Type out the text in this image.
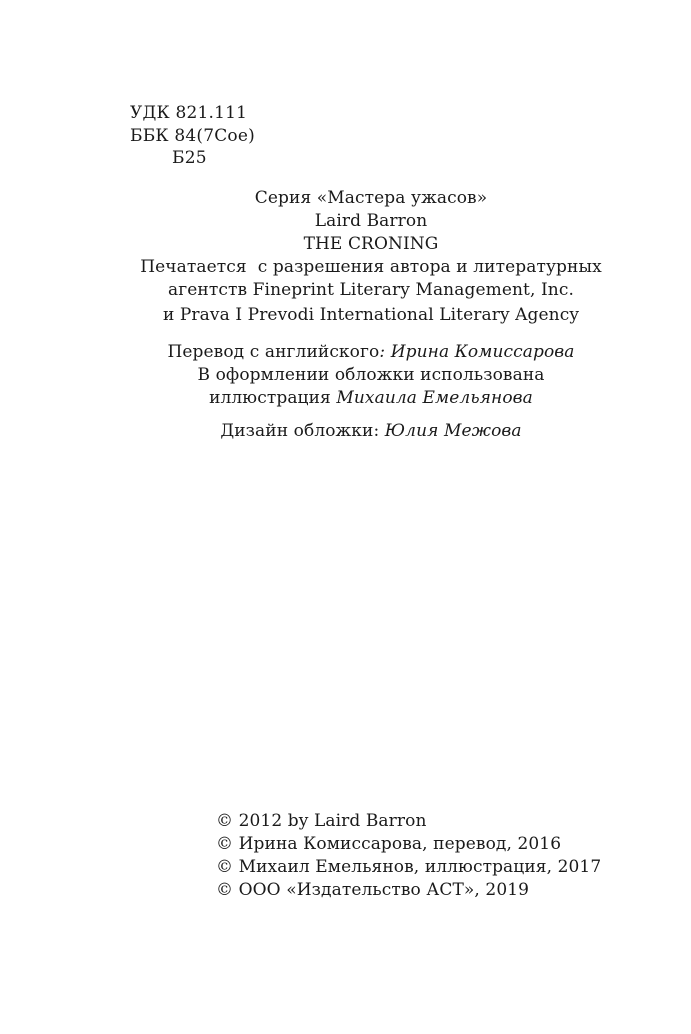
УДК 821.111
ББК 84(7Сое)
Б25
Серия «Мастера ужасов»
Laird Barron
THE CRONING
Печатается  с разрешения автора и литературных
агентств Fineprint Literary Management, Inc.
и Prava I Prevodi International Literary Agency
Перевод с английского: Ирина Комиссарова
В оформлении обложки использована
иллюстрация Михаила Емельянова
Дизайн обложки: Юлия Межова
© 2012 by Laird Barron
© Ирина Комиссарова, перевод, 2016
© Михаил Емельянов, иллюстрация, 2017
© ООО «Издательство АСТ», 2019
